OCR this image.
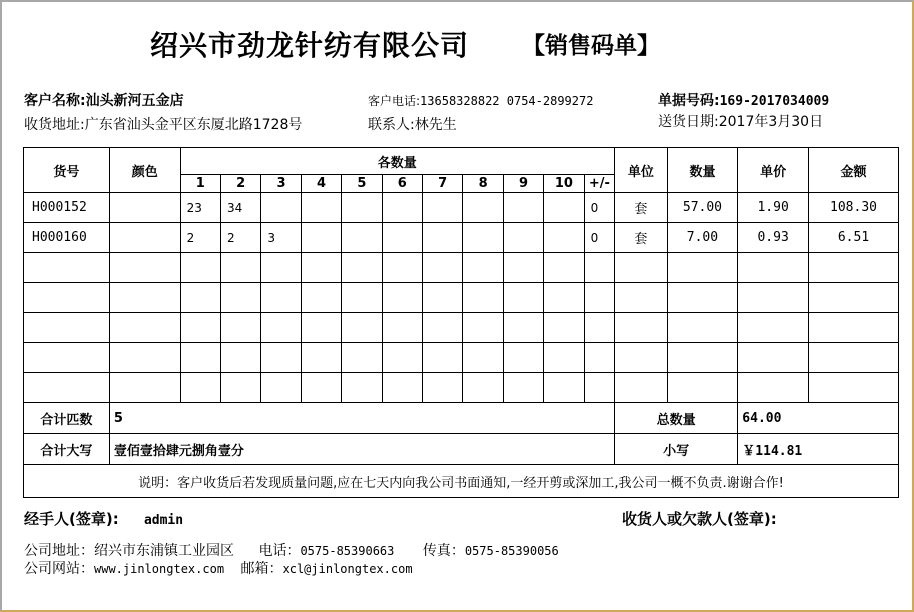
绍兴市劲龙针纺有限公司 【销售码单】
客户名称:汕头新河五金店
收货地址:广东省汕头金平区东厦北路1728号
客户电话:13658328822 0754-2899272
联系人:林先生
单据号码:169-2017034009
送货日期:2017年3月30日
货号	颜色	各数量											单位	数量	单价	金额
		1	2	3	4	5	6	7	8	9	10	+/-				
H000152		23	34									0	套	57.00	1.90	108.30
H000160		2	2	3								0	套	7.00	0.93	6.51

合计匹数	5												总数量		64.00	
合计大写	壹佰壹拾肆元捌角壹分												小写		￥114.81	
说明：客户收货后若发现质量问题,应在七天内向我公司书面通知,一经开剪或深加工,我公司一概不负责.谢谢合作!																
经手人(签章): admin	收货人或欠款人(签章):
公司地址：绍兴市东浦镇工业园区 电话：0575-85390663 传真：0575-85390056
公司网站：www.jinlongtex.com 邮箱：xcl@jinlongtex.com
